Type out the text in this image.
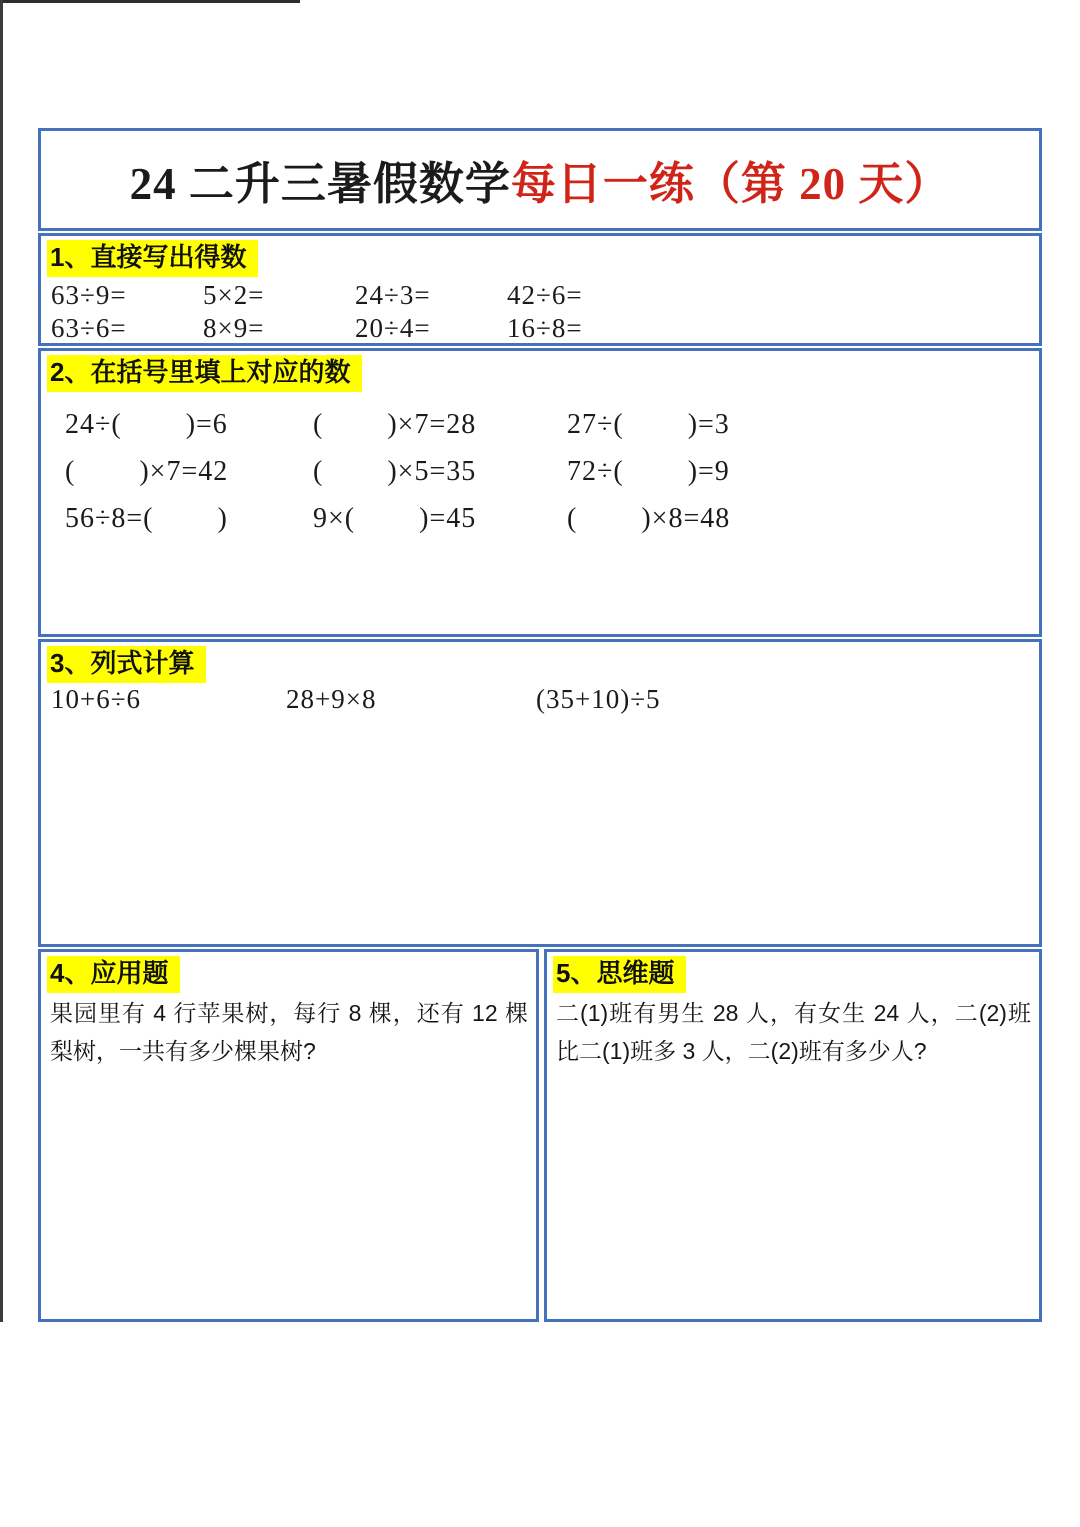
24 二升三暑假数学每日一练（第 20 天）
1、直接写出得数
63÷9=	5×2=	24÷3=	42÷6=
63÷6=	8×9=	20÷4=	16÷8=
2、在括号里填上对应的数
24÷(        )=6	(        )×7=28	27÷(        )=3
(        )×7=42	(        )×5=35	72÷(        )=9
56÷8=(        )	9×(        )=45	(        )×8=48
3、列式计算
10+6÷6	28+9×8	(35+10)÷5
4、应用题
果园里有 4 行苹果树，每行 8 棵，还有 12 棵梨树，一共有多少棵果树?
5、思维题
二(1)班有男生 28 人，有女生 24 人，二(2)班比二(1)班多 3 人，二(2)班有多少人?
